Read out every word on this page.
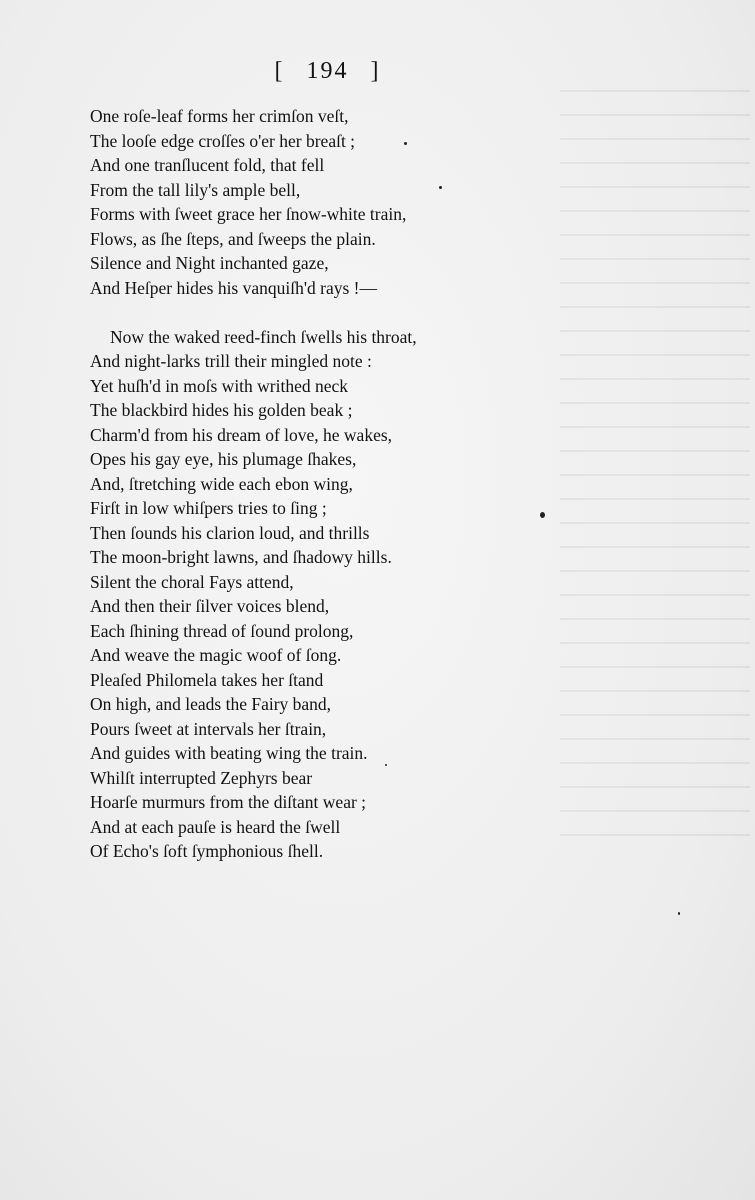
[ 194 ]

One roſe-leaf forms her crimſon veſt,
The looſe edge croſſes o'er her breaſt ;
And one tranſlucent fold, that fell
From the tall lily's ample bell,
Forms with ſweet grace her ſnow-white train,
Flows, as ſhe ſteps, and ſweeps the plain.
Silence and Night inchanted gaze,
And Heſper hides his vanquiſh'd rays !—

Now the waked reed-finch ſwells his throat,
And night-larks trill their mingled note :
Yet huſh'd in moſs with writhed neck
The blackbird hides his golden beak ;
Charm'd from his dream of love, he wakes,
Opes his gay eye, his plumage ſhakes,
And, ſtretching wide each ebon wing,
Firſt in low whiſpers tries to ſing ;
Then ſounds his clarion loud, and thrills
The moon-bright lawns, and ſhadowy hills.
Silent the choral Fays attend,
And then their ſilver voices blend,
Each ſhining thread of ſound prolong,
And weave the magic woof of ſong.
Pleaſed Philomela takes her ſtand
On high, and leads the Fairy band,
Pours ſweet at intervals her ſtrain,
And guides with beating wing the train.
Whilſt interrupted Zephyrs bear
Hoarſe murmurs from the diſtant wear ;
And at each pauſe is heard the ſwell
Of Echo's ſoft ſymphonious ſhell.
